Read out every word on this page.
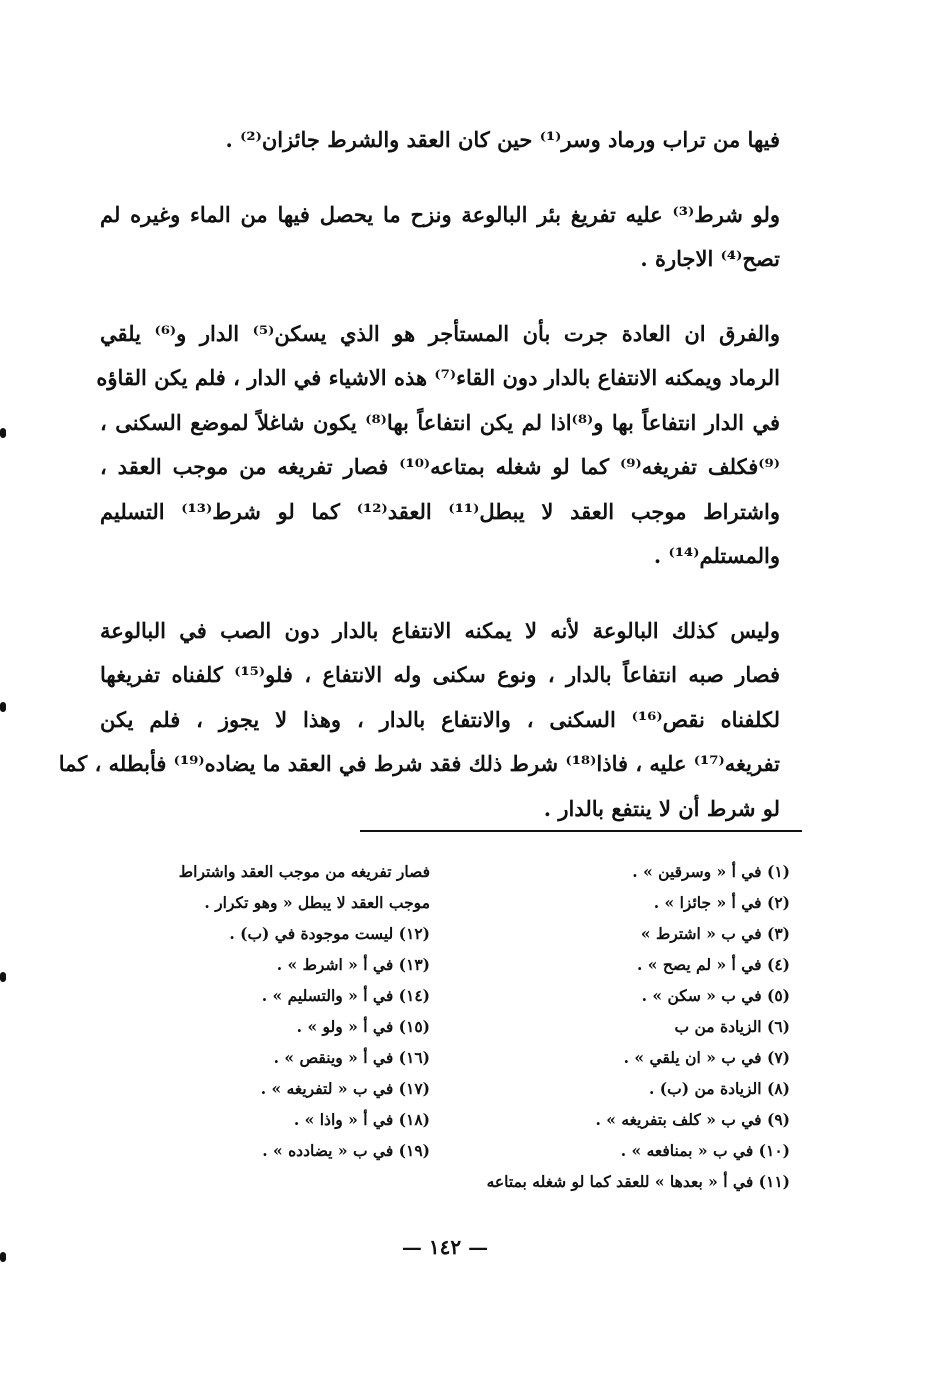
فيها من تراب ورماد وسر⁽¹⁾ حين كان العقد والشرط جائزان⁽²⁾ .
ولو شرط⁽³⁾ عليه تفريغ بئر البالوعة ونزح ما يحصل فيها من الماء وغيره لم
تصح⁽⁴⁾ الاجارة .
والفرق ان العادة جرت بأن المستأجر هو الذي يسكن⁽⁵⁾ الدار و⁽⁶⁾ يلقي
الرماد ويمكنه الانتفاع بالدار دون القاء⁽⁷⁾ هذه الاشياء في الدار ، فلم يكن القاؤه
في الدار انتفاعاً بها و⁽⁸⁾اذا لم يكن انتفاعاً بها⁽⁸⁾ يكون شاغلاً لموضع السكنى ،
⁽⁹⁾فكلف تفريغه⁽⁹⁾ كما لو شغله بمتاعه⁽¹⁰⁾ فصار تفريغه من موجب العقد ،
واشتراط موجب العقد لا يبطل⁽¹¹⁾ العقد⁽¹²⁾ كما لو شرط⁽¹³⁾ التسليم
والمستلم⁽¹⁴⁾ .
وليس كذلك البالوعة لأنه لا يمكنه الانتفاع بالدار دون الصب في البالوعة
فصار صبه انتفاعاً بالدار ، ونوع سكنى وله الانتفاع ، فلو⁽¹⁵⁾ كلفناه تفريغها
لكلفناه نقص⁽¹⁶⁾ السكنى ، والانتفاع بالدار ، وهذا لا يجوز ، فلم يكن
تفريغه⁽¹⁷⁾ عليه ، فاذا⁽¹⁸⁾ شرط ذلك فقد شرط في العقد ما يضاده⁽¹⁹⁾ فأبطله ، كما
لو شرط أن لا ينتفع بالدار .
(١) في أ « وسرقين » .
(٢) في أ « جائزا » .
(٣) في ب « اشترط »
(٤) في أ « لم يصح » .
(٥) في ب « سكن » .
(٦) الزيادة من ب
(٧) في ب « ان يلقي » .
(٨) الزيادة من (ب) .
(٩) في ب « كلف بتفريغه » .
(١٠) في ب « بمنافعه » .
(١١) في أ « بعدها » للعقد كما لو شغله بمتاعه
فصار تفريغه من موجب العقد واشتراط
موجب العقد لا يبطل « وهو تكرار .
(١٢) ليست موجودة في (ب) .
(١٣) في أ « اشرط » .
(١٤) في أ « والتسليم » .
(١٥) في أ « ولو » .
(١٦) في أ « وينقص » .
(١٧) في ب « لتفريغه » .
(١٨) في أ « واذا » .
(١٩) في ب « يضادده » .
— ١٤٢ —
